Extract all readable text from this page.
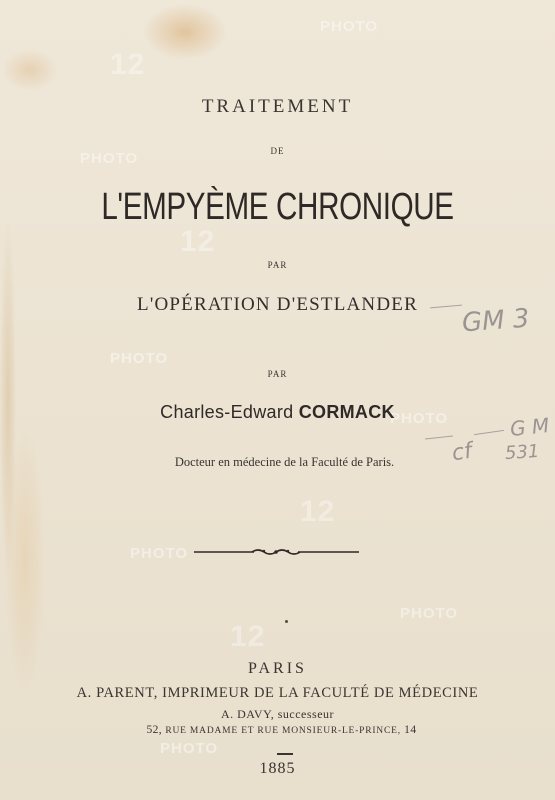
PHOTO
12
PHOTO
12
PHOTO
PHOTO
12
PHOTO
PHOTO
12
PHOTO
TRAITEMENT
DE
L'EMPYÈME CHRONIQUE
PAR
L'OPÉRATION D'ESTLANDER
PAR
Charles-Edward CORMACK
Docteur en médecine de la Faculté de Paris.
PARIS
A. PARENT, IMPRIMEUR DE LA FACULTÉ DE MÉDECINE
A. DAVY, successeur
52, RUE MADAME ET RUE MONSIEUR-LE-PRINCE, 14
1885
GM 3
G M
cf 531
